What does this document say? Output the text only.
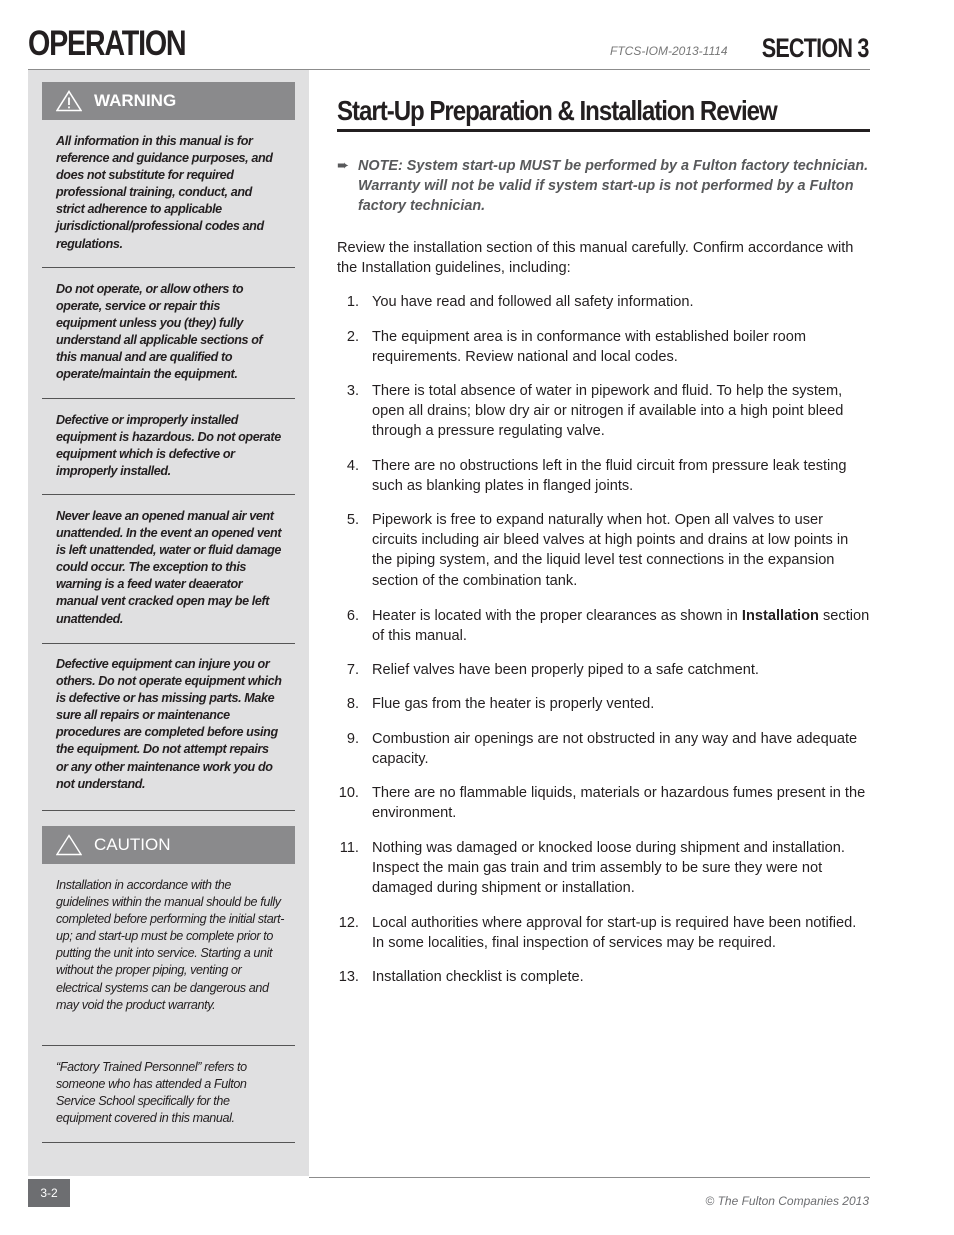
OPERATION	FTCS-IOM-2013-1114 SECTION 3
WARNING
All information in this manual is for reference and guidance purposes, and does not substitute for required professional training, conduct, and strict adherence to applicable jurisdictional/professional codes and regulations.
Do not operate, or allow others to operate, service or repair this equipment unless you (they) fully understand all applicable sections of this manual and are qualified to operate/maintain the equipment.
Defective or improperly installed equipment is hazardous. Do not operate equipment which is defective or improperly installed.
Never leave an opened manual air vent unattended. In the event an opened vent is left unattended, water or fluid damage could occur. The exception to this warning is a feed water deaerator manual vent cracked open may be left unattended.
Defective equipment can injure you or others. Do not operate equipment which is defective or has missing parts. Make sure all repairs or maintenance procedures are completed before using the equipment. Do not attempt repairs or any other maintenance work you do not understand.
CAUTION
Installation in accordance with the guidelines within the manual should be fully completed before performing the initial start-up; and start-up must be complete prior to putting the unit into service. Starting a unit without the proper piping, venting or electrical systems can be dangerous and may void the product warranty.
“Factory Trained Personnel” refers to someone who has attended a Fulton Service School specifically for the equipment covered in this manual.
Start-Up Preparation & Installation Review
➨ NOTE: System start-up MUST be performed by a Fulton factory technician. Warranty will not be valid if system start-up is not performed by a Fulton factory technician.
Review the installation section of this manual carefully. Confirm accordance with the Installation guidelines, including:
1. You have read and followed all safety information.
2. The equipment area is in conformance with established boiler room requirements. Review national and local codes.
3. There is total absence of water in pipework and fluid. To help the system, open all drains; blow dry air or nitrogen if available into a high point bleed through a pressure regulating valve.
4. There are no obstructions left in the fluid circuit from pressure leak testing such as blanking plates in flanged joints.
5. Pipework is free to expand naturally when hot. Open all valves to user circuits including air bleed valves at high points and drains at low points in the piping system, and the liquid level test connections in the expansion section of the combination tank.
6. Heater is located with the proper clearances as shown in Installation section of this manual.
7. Relief valves have been properly piped to a safe catchment.
8. Flue gas from the heater is properly vented.
9. Combustion air openings are not obstructed in any way and have adequate capacity.
10. There are no flammable liquids, materials or hazardous fumes present in the environment.
11. Nothing was damaged or knocked loose during shipment and installation. Inspect the main gas train and trim assembly to be sure they were not damaged during shipment or installation.
12. Local authorities where approval for start-up is required have been notified. In some localities, final inspection of services may be required.
13. Installation checklist is complete.
3-2
© The Fulton Companies 2013
